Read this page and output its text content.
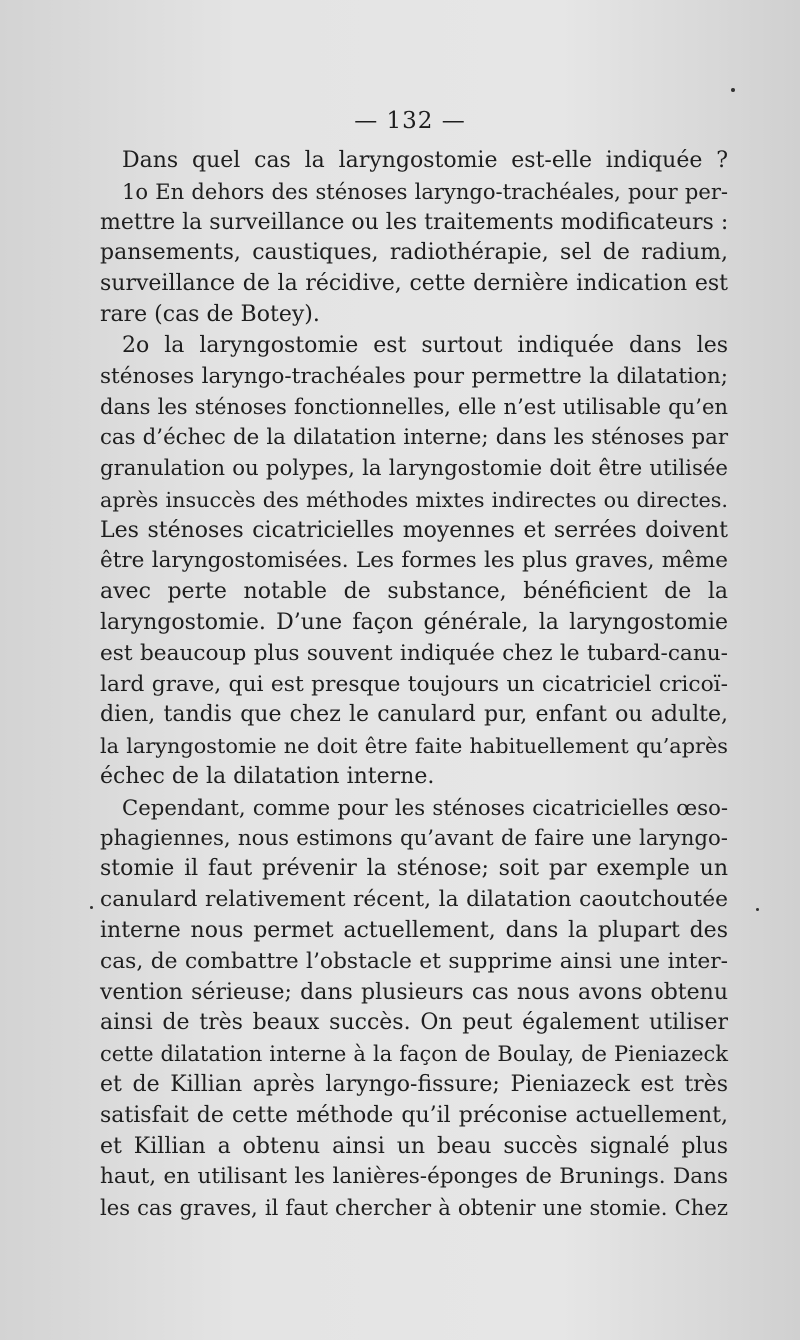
— 132 —
Dans quel cas la laryngostomie est-elle indiquée ?
1o En dehors des sténoses laryngo-trachéales, pour per-
mettre la surveillance ou les traitements modificateurs :
pansements, caustiques, radiothérapie, sel de radium,
surveillance de la récidive, cette dernière indication est
rare (cas de Botey).
2o la laryngostomie est surtout indiquée dans les
sténoses laryngo-trachéales pour permettre la dilatation;
dans les sténoses fonctionnelles, elle n’est utilisable qu’en
cas d’échec de la dilatation interne; dans les sténoses par
granulation ou polypes, la laryngostomie doit être utilisée
après insuccès des méthodes mixtes indirectes ou directes.
Les sténoses cicatricielles moyennes et serrées doivent
être laryngostomisées. Les formes les plus graves, même
avec perte notable de substance, bénéficient de la
laryngostomie. D’une façon générale, la laryngostomie
est beaucoup plus souvent indiquée chez le tubard-canu-
lard grave, qui est presque toujours un cicatriciel cricoï-
dien, tandis que chez le canulard pur, enfant ou adulte,
la laryngostomie ne doit être faite habituellement qu’après
échec de la dilatation interne.
Cependant, comme pour les sténoses cicatricielles œso-
phagiennes, nous estimons qu’avant de faire une laryngo-
stomie il faut prévenir la sténose; soit par exemple un
canulard relativement récent, la dilatation caoutchoutée
interne nous permet actuellement, dans la plupart des
cas, de combattre l’obstacle et supprime ainsi une inter-
vention sérieuse; dans plusieurs cas nous avons obtenu
ainsi de très beaux succès. On peut également utiliser
cette dilatation interne à la façon de Boulay, de Pieniazeck
et de Killian après laryngo-fissure; Pieniazeck est très
satisfait de cette méthode qu’il préconise actuellement,
et Killian a obtenu ainsi un beau succès signalé plus
haut, en utilisant les lanières-éponges de Brunings. Dans
les cas graves, il faut chercher à obtenir une stomie. Chez
